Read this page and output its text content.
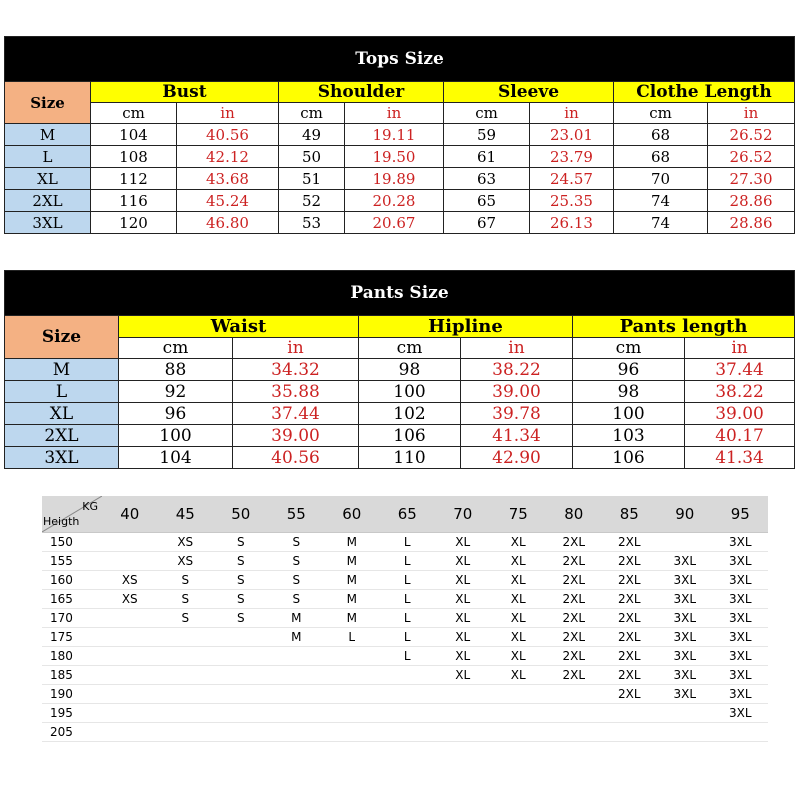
Tops Size								
Size	Bust		Shoulder		Sleeve		Clothe Length	
	cm	in	cm	in	cm	in	cm	in
M	104	40.56	49	19.11	59	23.01	68	26.52
L	108	42.12	50	19.50	61	23.79	68	26.52
XL	112	43.68	51	19.89	63	24.57	70	27.30
2XL	116	45.24	52	20.28	65	25.35	74	28.86
3XL	120	46.80	53	20.67	67	26.13	74	28.86
Pants Size						
Size	Waist		Hipline		Pants length	
	cm	in	cm	in	cm	in
M	88	34.32	98	38.22	96	37.44
L	92	35.88	100	39.00	98	38.22
XL	96	37.44	102	39.78	100	39.00
2XL	100	39.00	106	41.34	103	40.17
3XL	104	40.56	110	42.90	106	41.34
KG
Heigth	40	45	50	55	60	65	70	75	80	85	90	95
150		XS	S	S	M	L	XL	XL	2XL	2XL		3XL
155		XS	S	S	M	L	XL	XL	2XL	2XL	3XL	3XL
160	XS	S	S	S	M	L	XL	XL	2XL	2XL	3XL	3XL
165	XS	S	S	S	M	L	XL	XL	2XL	2XL	3XL	3XL
170		S	S	M	M	L	XL	XL	2XL	2XL	3XL	3XL
175				M	L	L	XL	XL	2XL	2XL	3XL	3XL
180						L	XL	XL	2XL	2XL	3XL	3XL
185							XL	XL	2XL	2XL	3XL	3XL
190										2XL	3XL	3XL
195												3XL
205												
